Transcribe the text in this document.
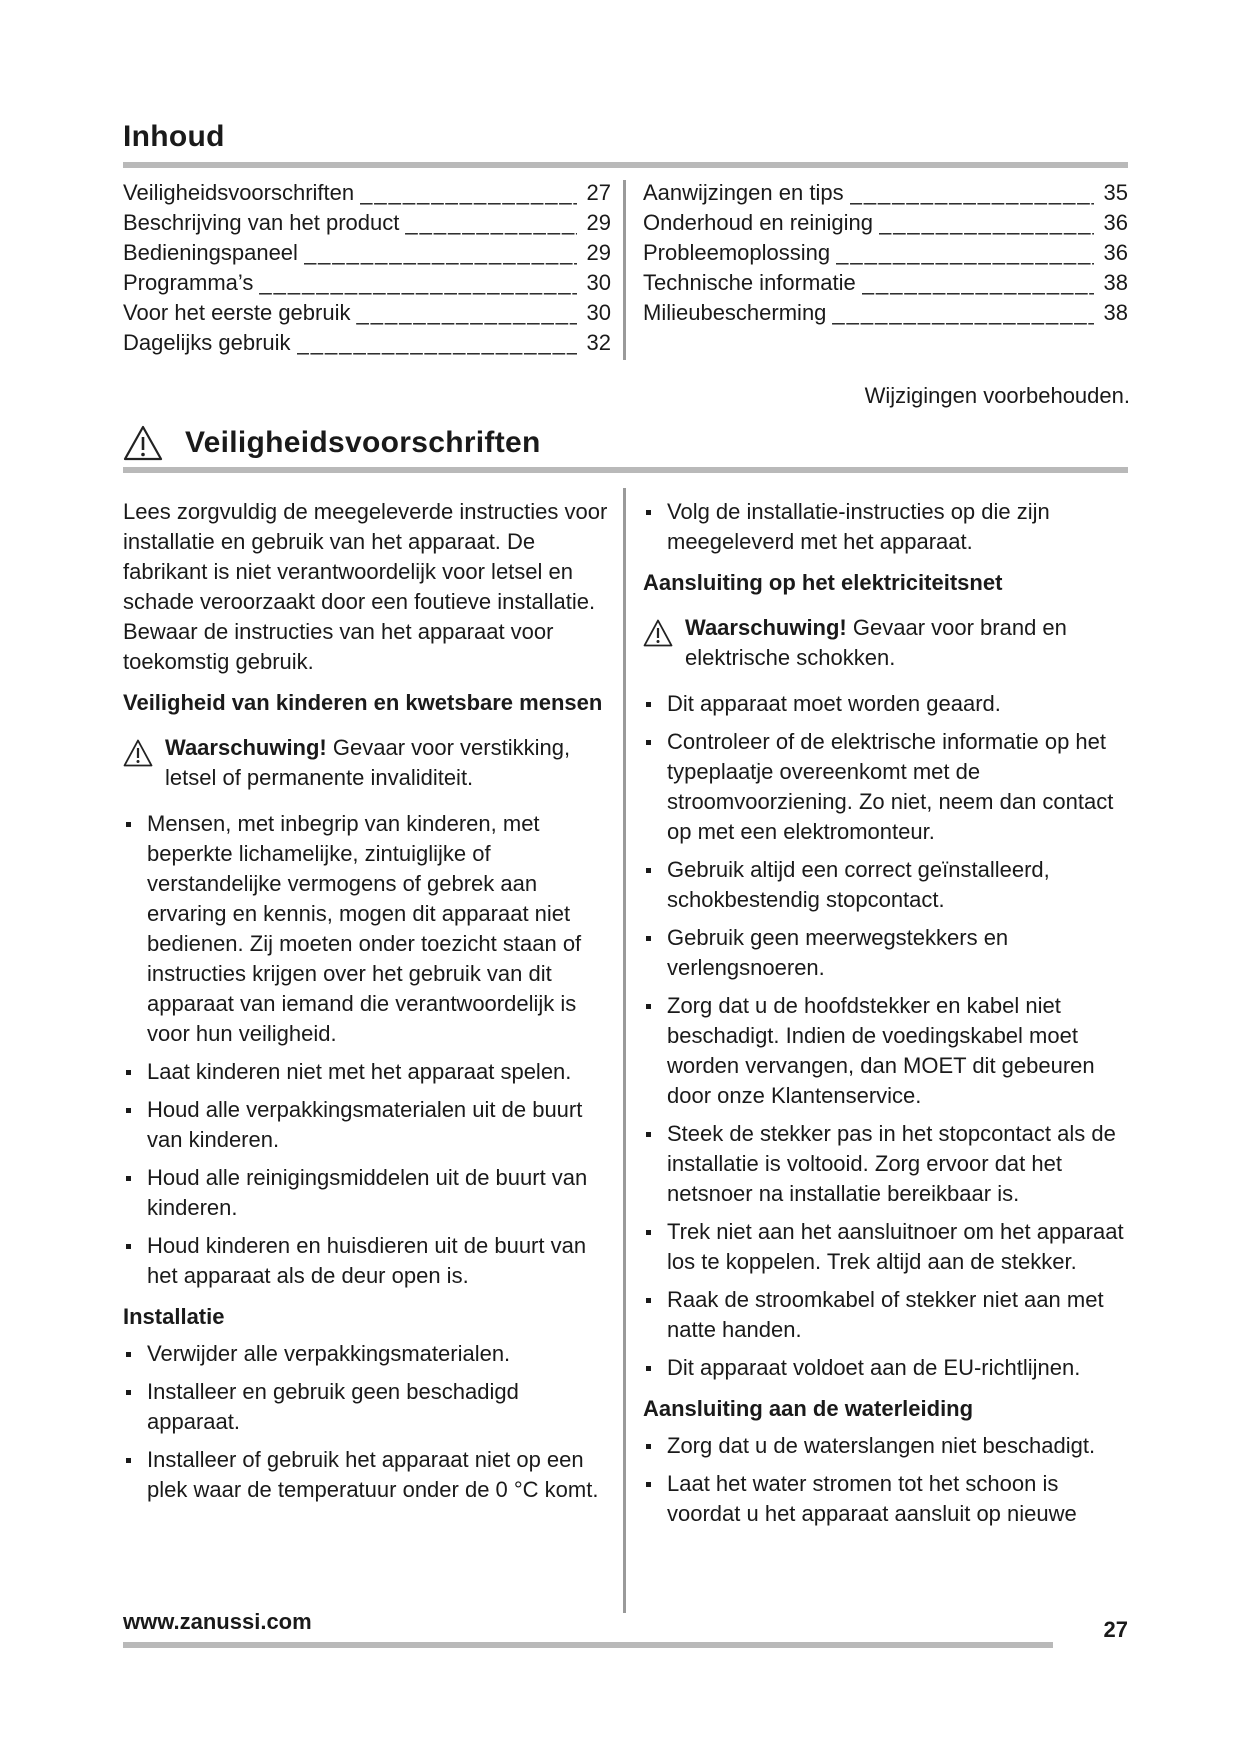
Inhoud
Veiligheidsvoorschriften _____	27
Beschrijving van het product _____	29
Bedieningspaneel _____	29
Programma’s _____	30
Voor het eerste gebruik _____	30
Dagelijks gebruik _____	32
Aanwijzingen en tips _____	35
Onderhoud en reiniging _____	36
Probleemoplossing _____	36
Technische informatie _____	38
Milieubescherming _____	38
Wijzigingen voorbehouden.
Veiligheidsvoorschriften

Lees zorgvuldig de meegeleverde instructies voor installatie en gebruik van het apparaat. De fabrikant is niet verantwoordelijk voor letsel en schade veroorzaakt door een foutieve installatie. Bewaar de instructies van het apparaat voor toekomstig gebruik.

Veiligheid van kinderen en kwetsbare mensen
Waarschuwing! Gevaar voor verstikking, letsel of permanente invaliditeit.
Mensen, met inbegrip van kinderen, met beperkte lichamelijke, zintuiglijke of verstandelijke vermogens of gebrek aan ervaring en kennis, mogen dit apparaat niet bedienen. Zij moeten onder toezicht staan of instructies krijgen over het gebruik van dit apparaat van iemand die verantwoordelijk is voor hun veiligheid.
Laat kinderen niet met het apparaat spelen.
Houd alle verpakkingsmaterialen uit de buurt van kinderen.
Houd alle reinigingsmiddelen uit de buurt van kinderen.
Houd kinderen en huisdieren uit de buurt van het apparaat als de deur open is.
Installatie
Verwijder alle verpakkingsmaterialen.
Installeer en gebruik geen beschadigd apparaat.
Installeer of gebruik het apparaat niet op een plek waar de temperatuur onder de 0 °C komt.
Volg de installatie-instructies op die zijn meegeleverd met het apparaat.
Aansluiting op het elektriciteitsnet
Waarschuwing! Gevaar voor brand en elektrische schokken.
Dit apparaat moet worden geaard.
Controleer of de elektrische informatie op het typeplaatje overeenkomt met de stroomvoorziening. Zo niet, neem dan contact op met een elektromonteur.
Gebruik altijd een correct geïnstalleerd, schokbestendig stopcontact.
Gebruik geen meerwegstekkers en verlengsnoeren.
Zorg dat u de hoofdstekker en kabel niet beschadigt. Indien de voedingskabel moet worden vervangen, dan MOET dit gebeuren door onze Klantenservice.
Steek de stekker pas in het stopcontact als de installatie is voltooid. Zorg ervoor dat het netsnoer na installatie bereikbaar is.
Trek niet aan het aansluitnoer om het apparaat los te koppelen. Trek altijd aan de stekker.
Raak de stroomkabel of stekker niet aan met natte handen.
Dit apparaat voldoet aan de EU-richtlijnen.
Aansluiting aan de waterleiding
Zorg dat u de waterslangen niet beschadigt.
Laat het water stromen tot het schoon is voordat u het apparaat aansluit op nieuwe
www.zanussi.com	27
